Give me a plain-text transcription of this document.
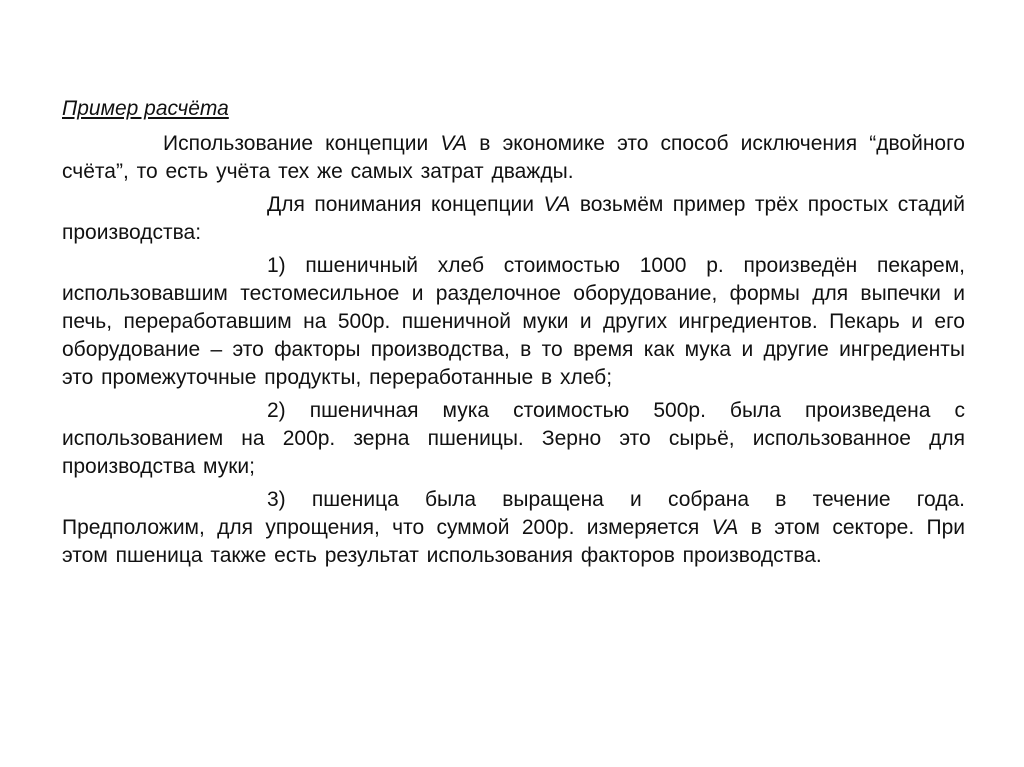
Пример расчёта

Использование концепции VA в экономике это способ исключения “двойного счёта”, то есть учёта тех же самых затрат дважды.

Для понимания концепции VA возьмём пример трёх простых стадий производства:

1) пшеничный хлеб стоимостью 1000 р. произведён пекарем, использовавшим тестомесильное и разделочное оборудование, формы для выпечки и печь, переработавшим на 500р. пшеничной муки и других ингредиентов. Пекарь и его оборудование – это факторы производства, в то время как мука и другие ингредиенты это промежуточные продукты, переработанные в хлеб;

2) пшеничная мука стоимостью 500р. была произведена с использованием на 200р. зерна пшеницы. Зерно это сырьё, использованное для производства муки;

3) пшеница была выращена и собрана в течение года. Предположим, для упрощения, что суммой 200р. измеряется VA в этом секторе. При этом пшеница также есть результат использования факторов производства.
